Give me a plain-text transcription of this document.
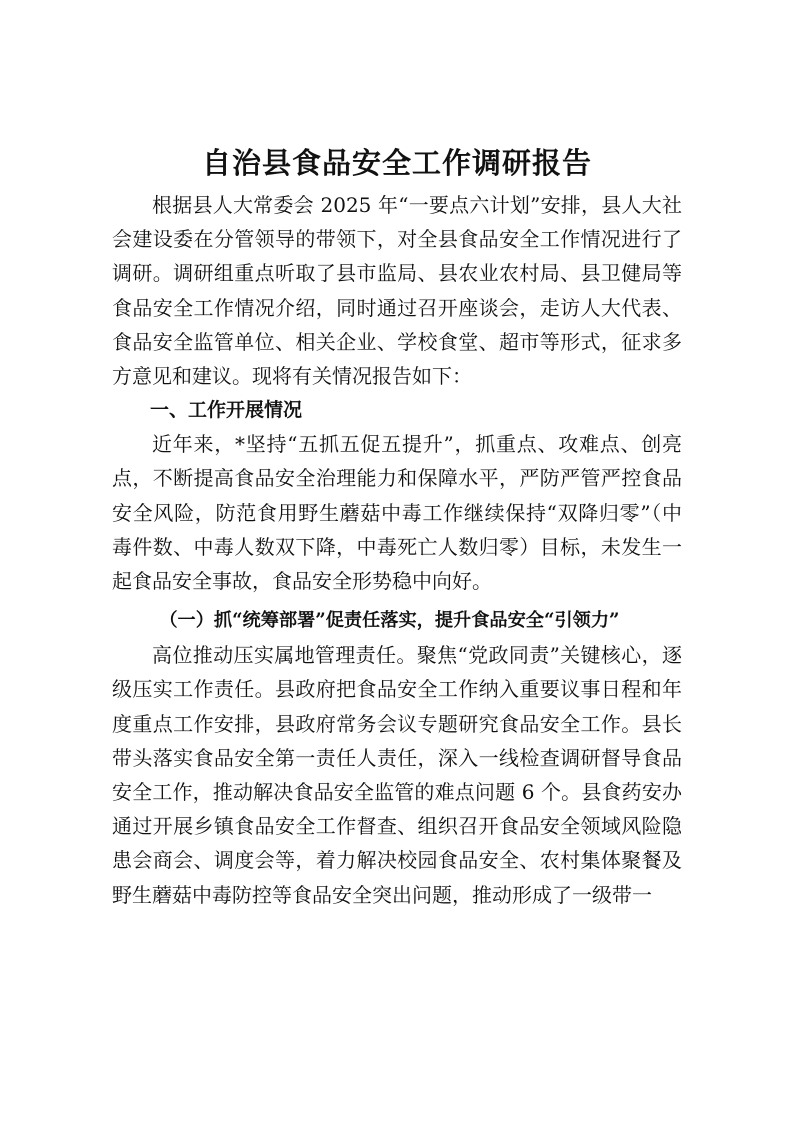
自治县食品安全工作调研报告

根据县人大常委会 2025 年“一要点六计划”安排，县人大社会建设委在分管领导的带领下，对全县食品安全工作情况进行了调研。调研组重点听取了县市监局、县农业农村局、县卫健局等食品安全工作情况介绍，同时通过召开座谈会，走访人大代表、食品安全监管单位、相关企业、学校食堂、超市等形式，征求多方意见和建议。现将有关情况报告如下：

一、工作开展情况

近年来，*坚持“五抓五促五提升”，抓重点、攻难点、创亮点，不断提高食品安全治理能力和保障水平，严防严管严控食品安全风险，防范食用野生蘑菇中毒工作继续保持“双降归零”（中毒件数、中毒人数双下降，中毒死亡人数归零）目标，未发生一起食品安全事故，食品安全形势稳中向好。

（一）抓“统筹部署”促责任落实，提升食品安全“引领力”

高位推动压实属地管理责任。聚焦“党政同责”关键核心，逐级压实工作责任。县政府把食品安全工作纳入重要议事日程和年度重点工作安排，县政府常务会议专题研究食品安全工作。县长带头落实食品安全第一责任人责任，深入一线检查调研督导食品安全工作，推动解决食品安全监管的难点问题 6 个。县食药安办通过开展乡镇食品安全工作督查、组织召开食品安全领域风险隐患会商会、调度会等，着力解决校园食品安全、农村集体聚餐及野生蘑菇中毒防控等食品安全突出问题，推动形成了一级带一
